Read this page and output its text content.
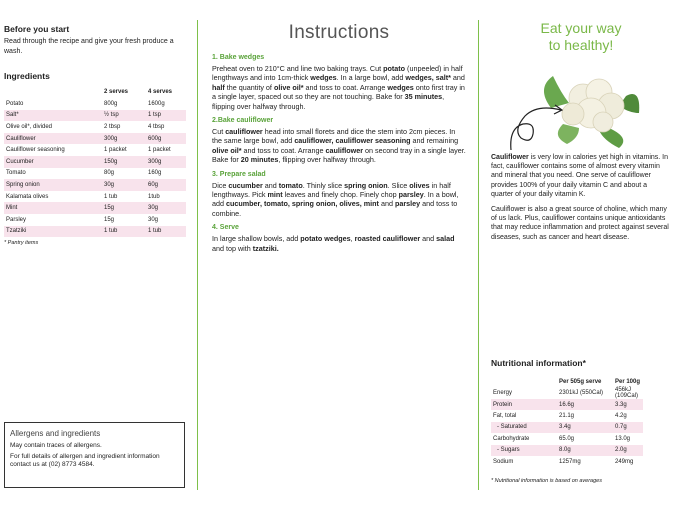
Before you start

Read through the recipe and give your fresh produce a wash.

Ingredients
	2 serves	4 serves
Potato	800g	1600g
Salt*	½ tsp	1 tsp
Olive oil*, divided	2 tbsp	4 tbsp
Cauliflower	300g	600g
Cauliflower seasoning	1 packet	1 packet
Cucumber	150g	300g
Tomato	80g	160g
Spring onion	30g	60g
Kalamata olives	1 tub	1tub
Mint	15g	30g
Parsley	15g	30g
Tzatziki	1 tub	1 tub
* Pantry items
Allergens and ingredients
May contain traces of allergens.
For full details of allergen and ingredient information contact us at (02) 8773 4584.
Instructions
1. Bake wedges

Preheat oven to 210°C and line two baking trays. Cut potato (unpeeled) in half lengthways and into 1cm-thick wedges. In a large bowl, add wedges, salt* and half the quantity of olive oil* and toss to coat. Arrange wedges onto first tray in a single layer, spaced out so they are not touching. Bake for 35 minutes, flipping over halfway through.

2.Bake cauliflower

Cut cauliflower head into small florets and dice the stem into 2cm pieces. In the same large bowl, add cauliflower, cauliflower seasoning and remaining olive oil* and toss to coat. Arrange cauliflower on second tray in a single layer. Bake for 20 minutes, flipping over halfway through.

3. Prepare salad

Dice cucumber and tomato. Thinly slice spring onion. Slice olives in half lengthways. Pick mint leaves and finely chop. Finely chop parsley. In a bowl, add cucumber, tomato, spring onion, olives, mint and parsley and toss to combine.

4. Serve

In large shallow bowls, add potato wedges, roasted cauliflower and salad and top with tzatziki.

Eat your way
to healthy!

Cauliflower is very low in calories yet high in vitamins. In fact, cauliflower contains some of almost every vitamin and mineral that you need. One serve of cauliflower provides 100% of your daily vitamin C and about a quarter of your daily vitamin K.

Cauliflower is also a great source of choline, which many of us lack. Plus, cauliflower contains unique antioxidants that may reduce inflammation and protect against several diseases, such as cancer and heart disease.

Nutritional information*
	Per 505g serve	Per 100g
Energy	2301kJ (550Cal)	456kJ (109Cal)
Protein	16.6g	3.3g
Fat, total	21.1g	4.2g
- Saturated	3.4g	0.7g
Carbohydrate	65.0g	13.0g
- Sugars	8.0g	2.0g
Sodium	1257mg	249mg
* Nutritional information is based on averages
